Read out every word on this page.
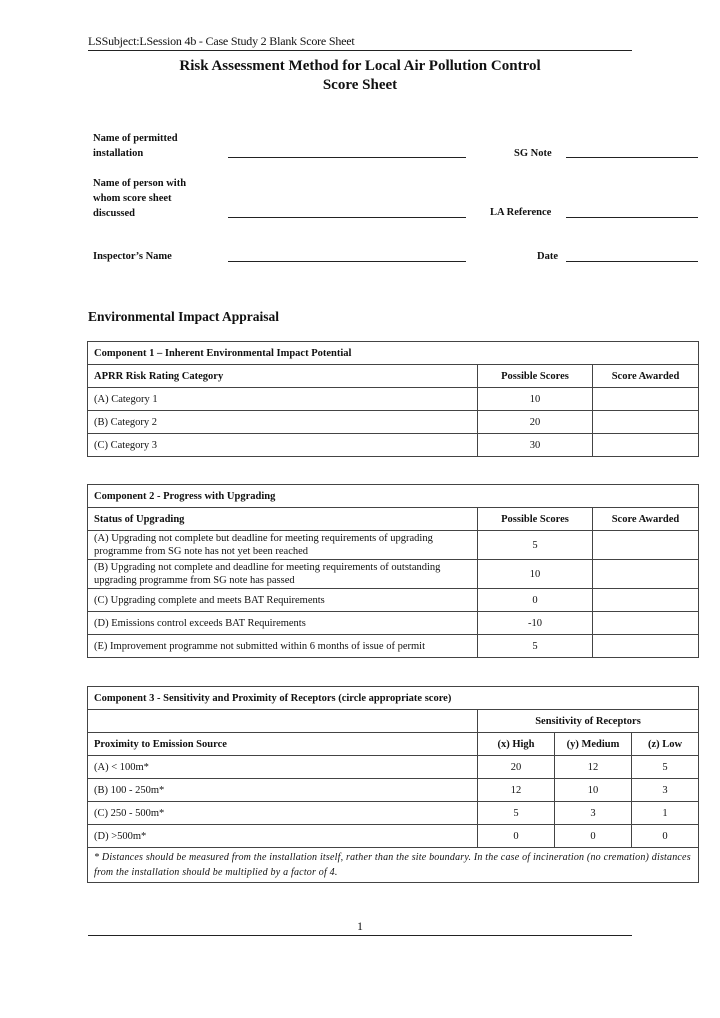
LSSubject:LSession 4b - Case Study 2 Blank Score Sheet
Risk Assessment Method for Local Air Pollution Control
Score Sheet
Name of permitted
installation	SG Note
Name of person with
whom score sheet
discussed	LA Reference
Inspector’s Name	Date
Environmental Impact Appraisal
Component 1 – Inherent Environmental Impact Potential		
APRR Risk Rating Category	Possible Scores	Score Awarded
(A) Category 1	10	
(B) Category 2	20	
(C) Category 3	30	
Component 2 - Progress with Upgrading		
Status of Upgrading	Possible Scores	Score Awarded
(A) Upgrading not complete but deadline for meeting requirements of upgrading programme from SG note has not yet been reached	5	
(B) Upgrading not complete and deadline for meeting requirements of outstanding upgrading programme from SG note has passed	10	
(C) Upgrading complete and meets BAT Requirements	0	
(D) Emissions control exceeds BAT Requirements	-10	
(E) Improvement programme not submitted within 6 months of issue of permit	5	
Component 3 - Sensitivity and Proximity of Receptors (circle appropriate score)			
	Sensitivity of Receptors		
Proximity to Emission Source	(x) High	(y) Medium	(z) Low
(A) < 100m*	20	12	5
(B) 100 - 250m*	12	10	3
(C) 250 - 500m*	5	3	1
(D) >500m*	0	0	0
* Distances should be measured from the installation itself, rather than the site boundary. In the case of incineration (no cremation) distances from the installation should be multiplied by a factor of 4.			
1
